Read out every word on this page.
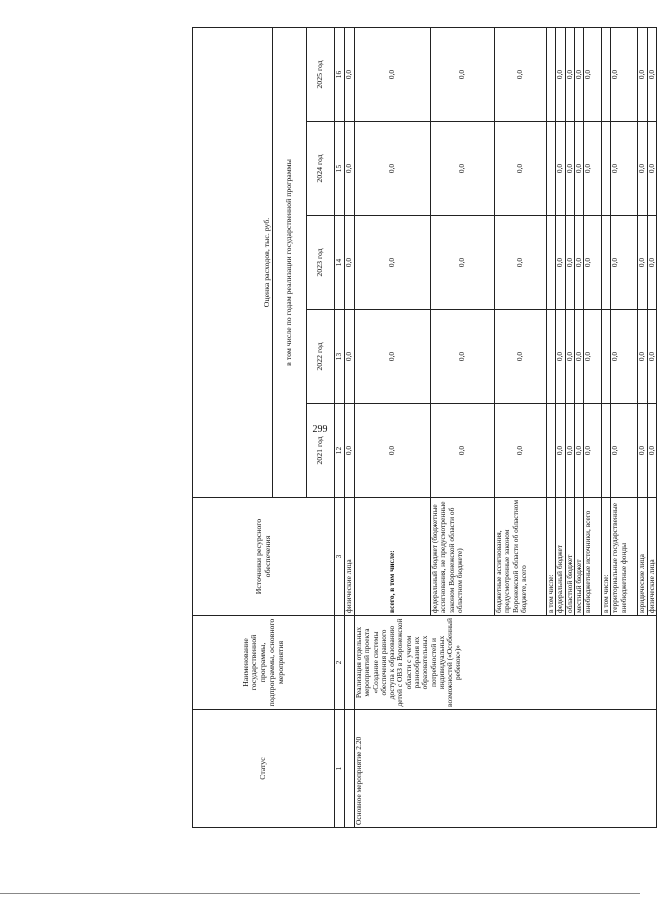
299
Статус	Наименование государственной программы, подпрограммы, основного мероприятия	Источники ресурсного обеспечения	Оценка расходов, тыс. руб.				
			в том числе по годам реализации государственной программы				
			2021 год	2022 год	2023 год	2024 год	2025 год
1	2	3	12	13	14	15	16
		физические лица	0,0	0,0	0,0	0,0	0,0
Основное мероприятие 2.20	Реализация отдельных мероприятий проекта «Создание системы обеспечения равного доступа к образованию детей с ОВЗ в Воронежской области с учетом разнообразия их образовательных потребностей и индивидуальных возможностей («Особенный ребенок»)»	всего, в том числе:	0,0	0,0	0,0	0,0	0,0
		федеральный бюджет (бюджетные ассигнования, не предусмотренные законом Воронежской области об областном бюджете)	0,0	0,0	0,0	0,0	0,0
		бюджетные ассигнования, предусмотренные законом Воронежской области об областном бюджете, всего	0,0	0,0	0,0	0,0	0,0
		в том числе:					
		федеральный бюджет	0,0	0,0	0,0	0,0	0,0
		областной бюджет	0,0	0,0	0,0	0,0	0,0
		местный бюджет	0,0	0,0	0,0	0,0	0,0
		внебюджетные источники, всего	0,0	0,0	0,0	0,0	0,0
		в том числе:					
		территориальные государственные внебюджетные фонды	0,0	0,0	0,0	0,0	0,0
		юридические лица	0,0	0,0	0,0	0,0	0,0
		физические лица	0,0	0,0	0,0	0,0	0,0
